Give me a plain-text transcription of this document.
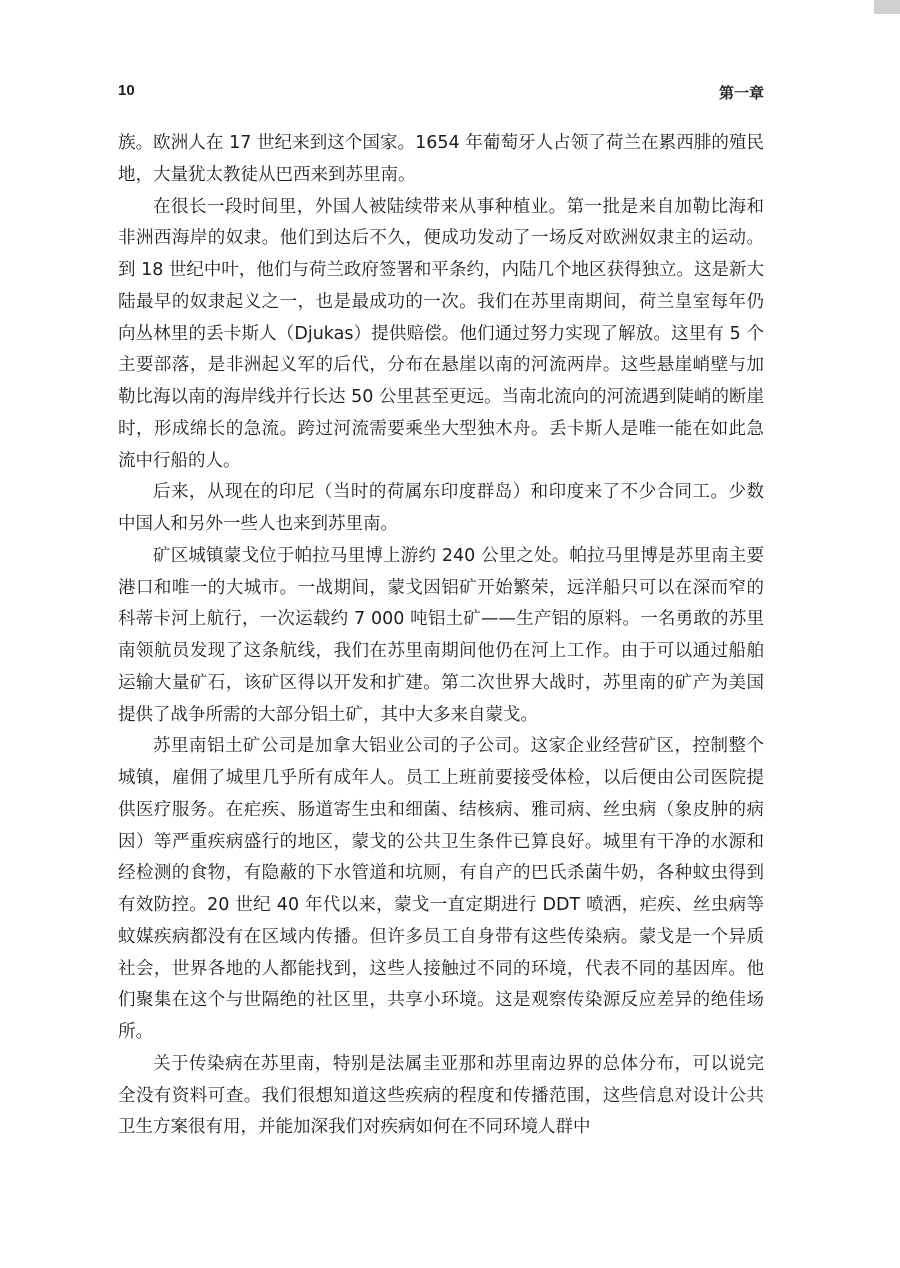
10	第一章

族。欧洲人在 17 世纪来到这个国家。1654 年葡萄牙人占领了荷兰在累西腓的殖民地，大量犹太教徒从巴西来到苏里南。

在很长一段时间里，外国人被陆续带来从事种植业。第一批是来自加勒比海和非洲西海岸的奴隶。他们到达后不久，便成功发动了一场反对欧洲奴隶主的运动。到 18 世纪中叶，他们与荷兰政府签署和平条约，内陆几个地区获得独立。这是新大陆最早的奴隶起义之一，也是最成功的一次。我们在苏里南期间，荷兰皇室每年仍向丛林里的丢卡斯人（Djukas）提供赔偿。他们通过努力实现了解放。这里有 5 个主要部落，是非洲起义军的后代，分布在悬崖以南的河流两岸。这些悬崖峭壁与加勒比海以南的海岸线并行长达 50 公里甚至更远。当南北流向的河流遇到陡峭的断崖时，形成绵长的急流。跨过河流需要乘坐大型独木舟。丢卡斯人是唯一能在如此急流中行船的人。

后来，从现在的印尼（当时的荷属东印度群岛）和印度来了不少合同工。少数中国人和另外一些人也来到苏里南。

矿区城镇蒙戈位于帕拉马里博上游约 240 公里之处。帕拉马里博是苏里南主要港口和唯一的大城市。一战期间，蒙戈因铝矿开始繁荣，远洋船只可以在深而窄的科蒂卡河上航行，一次运载约 7 000 吨铝土矿——生产铝的原料。一名勇敢的苏里南领航员发现了这条航线，我们在苏里南期间他仍在河上工作。由于可以通过船舶运输大量矿石，该矿区得以开发和扩建。第二次世界大战时，苏里南的矿产为美国提供了战争所需的大部分铝土矿，其中大多来自蒙戈。

苏里南铝土矿公司是加拿大铝业公司的子公司。这家企业经营矿区，控制整个城镇，雇佣了城里几乎所有成年人。员工上班前要接受体检，以后便由公司医院提供医疗服务。在疟疾、肠道寄生虫和细菌、结核病、雅司病、丝虫病（象皮肿的病因）等严重疾病盛行的地区，蒙戈的公共卫生条件已算良好。城里有干净的水源和经检测的食物，有隐蔽的下水管道和坑厕，有自产的巴氏杀菌牛奶，各种蚊虫得到有效防控。20 世纪 40 年代以来，蒙戈一直定期进行 DDT 喷洒，疟疾、丝虫病等蚊媒疾病都没有在区域内传播。但许多员工自身带有这些传染病。蒙戈是一个异质社会，世界各地的人都能找到，这些人接触过不同的环境，代表不同的基因库。他们聚集在这个与世隔绝的社区里，共享小环境。这是观察传染源反应差异的绝佳场所。

关于传染病在苏里南，特别是法属圭亚那和苏里南边界的总体分布，可以说完全没有资料可查。我们很想知道这些疾病的程度和传播范围，这些信息对设计公共卫生方案很有用，并能加深我们对疾病如何在不同环境人群中
